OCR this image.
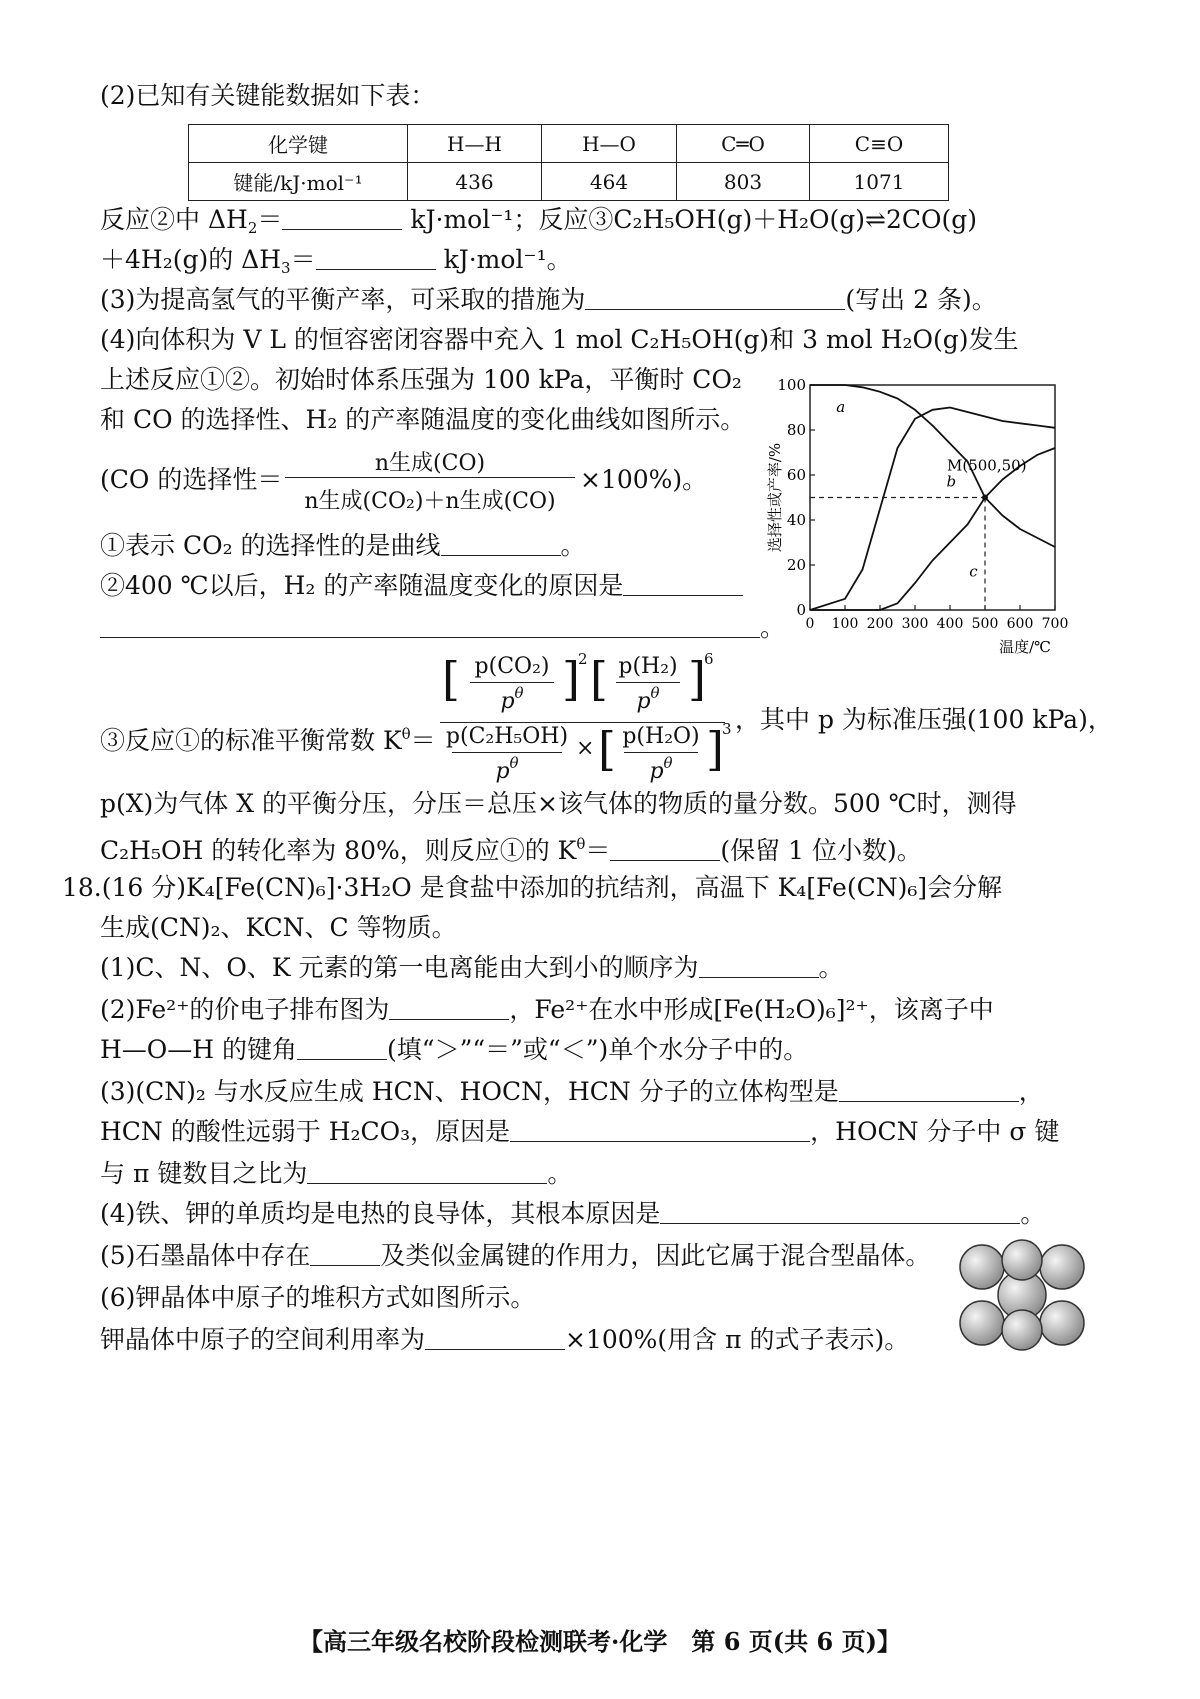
(2)已知有关键能数据如下表：
化学键	H—H	H—O	C═O	C≡O
键能/kJ·mol⁻¹	436	464	803	1071
反应②中 $\Delta H_2=$	kJ·mol⁻¹；反应③C₂H₅OH(g)＋H₂O(g)⇌2CO(g)
＋4H₂(g)的 $\Delta H_3=$	kJ·mol⁻¹。
(3)为提高氢气的平衡产率，可采取的措施为	(写出 2 条)。
(4)向体积为 V L 的恒容密闭容器中充入 1 mol C₂H₅OH(g)和 3 mol H₂O(g)发生
上述反应①②。初始时体系压强为 100 kPa，平衡时 CO₂
和 CO 的选择性、H₂ 的产率随温度的变化曲线如图所示。
(CO 的选择性＝
n生成(CO)
n生成(CO₂)＋n生成(CO)
×100%)。
①表示 CO₂ 的选择性的是曲线	。
②400 ℃以后，H₂ 的产率随温度变化的原因是
。
0
20
40
60
80
100
0 100 200 300 400 500 600 700
温度/℃
选择性或产率/%
a
b
c
M(500,50)
③反应①的标准平衡常数 $K^\theta=$
[ p(CO₂)
$p^\theta$ ]
2 [ p(H₂)
$p^\theta$ ]
6
p(C₂H₅OH)
$p^\theta$
× [ p(H₂O)
$p^\theta$ ]
3 ，其中 p 为标准压强(100 kPa)，
p(X)为气体 X 的平衡分压，分压＝总压×该气体的物质的量分数。500 ℃时，测得
C₂H₅OH 的转化率为 80%，则反应①的 $K^\theta=$	(保留 1 位小数)。
18.(16 分)K₄[Fe(CN)₆]·3H₂O 是食盐中添加的抗结剂，高温下 K₄[Fe(CN)₆]会分解
生成(CN)₂、KCN、C 等物质。
(1)C、N、O、K 元素的第一电离能由大到小的顺序为	。
(2)Fe²⁺的价电子排布图为	，Fe²⁺在水中形成[Fe(H₂O)₆]²⁺，该离子中
H—O—H 的键角	(填“＞”“＝”或“＜”)单个水分子中的。
(3)(CN)₂ 与水反应生成 HCN、HOCN，HCN 分子的立体构型是	，
HCN 的酸性远弱于 H₂CO₃，原因是	，HOCN 分子中 σ 键
与 π 键数目之比为	。
(4)铁、钾的单质均是电热的良导体，其根本原因是	。
(5)石墨晶体中存在	及类似金属键的作用力，因此它属于混合型晶体。
(6)钾晶体中原子的堆积方式如图所示。
钾晶体中原子的空间利用率为	×100%(用含 π 的式子表示)。
【高三年级名校阶段检测联考·化学　第 6 页(共 6 页)】
